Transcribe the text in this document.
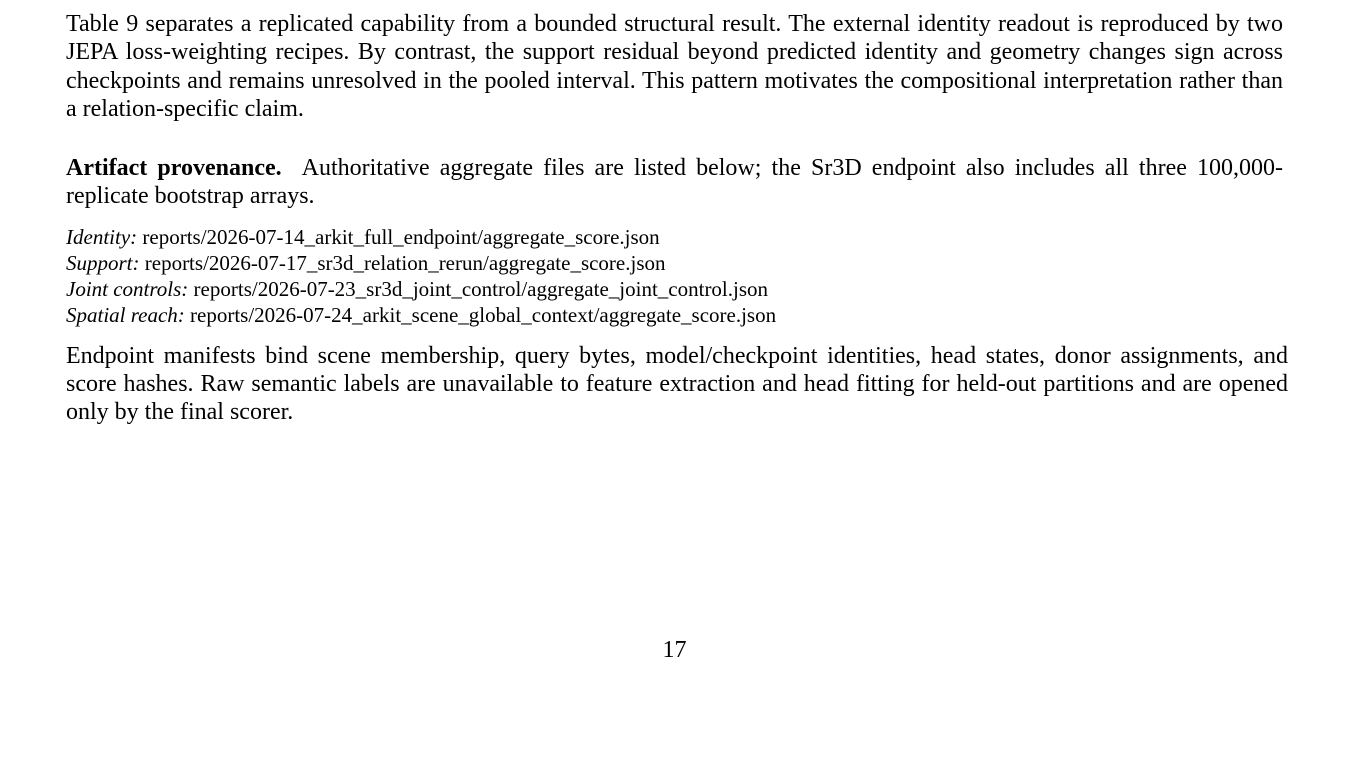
Table 9 separates a replicated capability from a bounded structural result. The external identity readout is reproduced by two JEPA loss-weighting recipes. By contrast, the support residual beyond predicted identity and geometry changes sign across checkpoints and remains unresolved in the pooled interval. This pattern motivates the compositional interpretation rather than a relation-specific claim.

Artifact provenance. Authoritative aggregate files are listed below; the Sr3D endpoint also includes all three 100,000-replicate bootstrap arrays.

Identity: reports/2026-07-14_arkit_full_endpoint/aggregate_score.json
Support: reports/2026-07-17_sr3d_relation_rerun/aggregate_score.json
Joint controls: reports/2026-07-23_sr3d_joint_control/aggregate_joint_control.json
Spatial reach: reports/2026-07-24_arkit_scene_global_context/aggregate_score.json

Endpoint manifests bind scene membership, query bytes, model/checkpoint identities, head states, donor assignments, and score hashes. Raw semantic labels are unavailable to feature extraction and head fitting for held-out partitions and are opened only by the final scorer.

17
